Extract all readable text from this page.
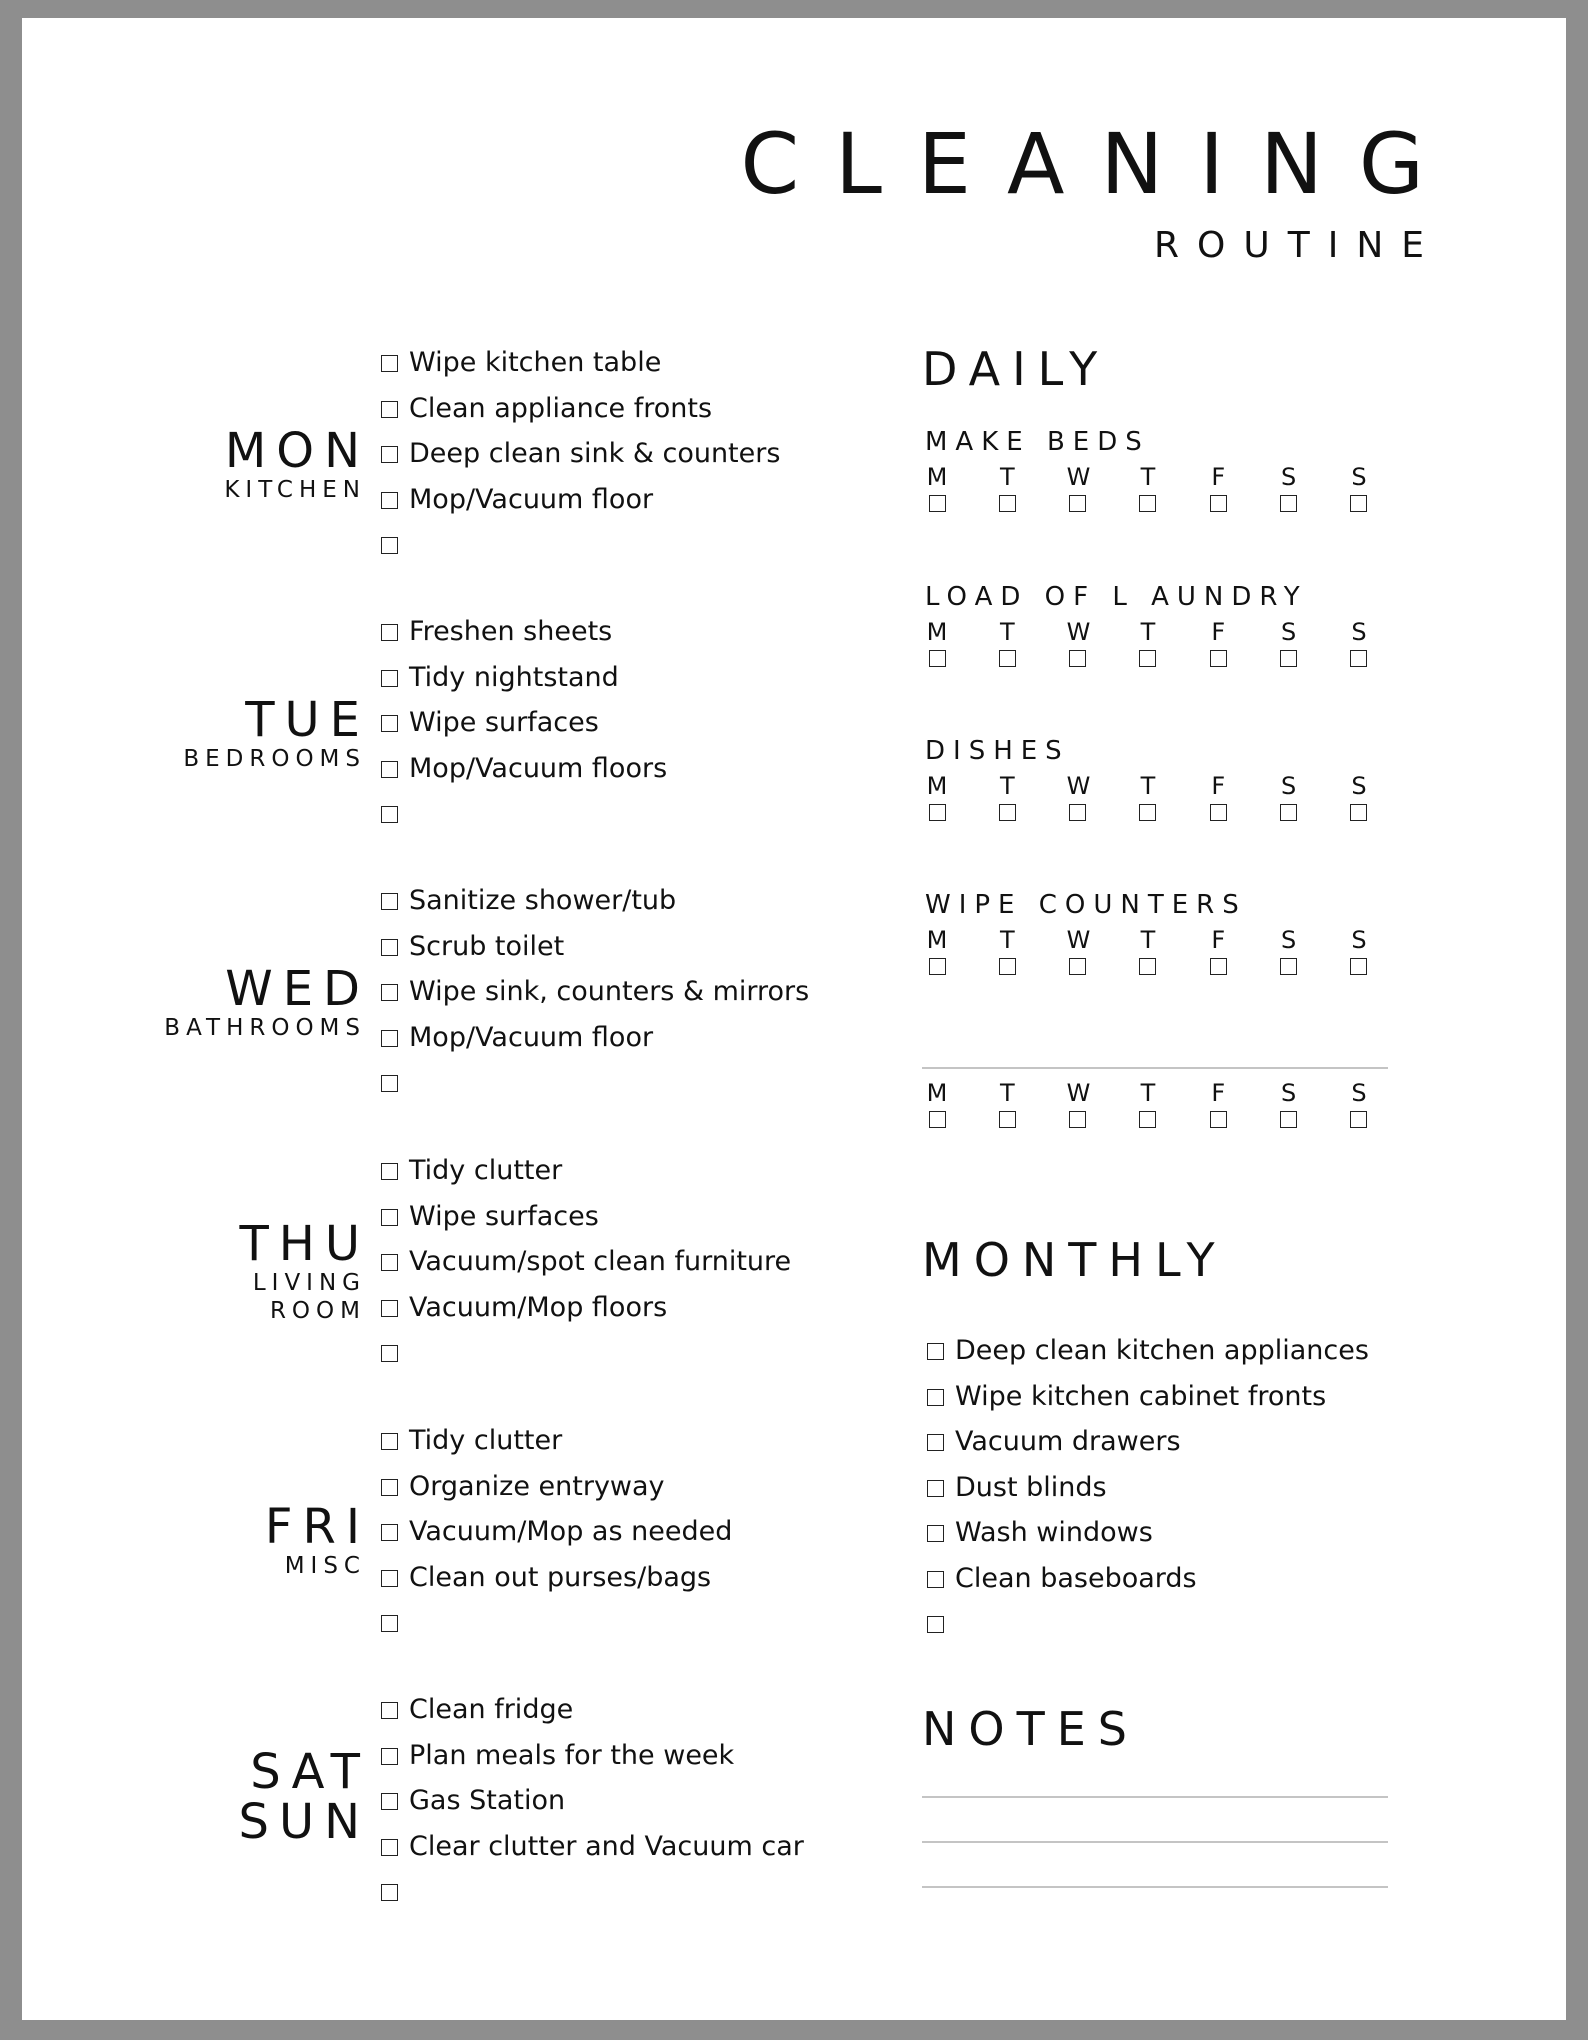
CLEANING
ROUTINE
MON
KITCHEN
Wipe kitchen table
Clean appliance fronts
Deep clean sink & counters
Mop/Vacuum floor
TUE
BEDROOMS
Freshen sheets
Tidy nightstand
Wipe surfaces
Mop/Vacuum floors
WED
BATHROOMS
Sanitize shower/tub
Scrub toilet
Wipe sink, counters & mirrors
Mop/Vacuum floor
THU
LIVING
ROOM
Tidy clutter
Wipe surfaces
Vacuum/spot clean furniture
Vacuum/Mop floors
FRI
MISC
Tidy clutter
Organize entryway
Vacuum/Mop as needed
Clean out purses/bags
SAT
SUN
Clean fridge
Plan meals for the week
Gas Station
Clear clutter and Vacuum car
DAILY
MAKE BEDS
M T W T F S S
LOAD OF L AUNDRY
M T W T F S S
DISHES
M T W T F S S
WIPE COUNTERS
M T W T F S S
M T W T F S S
MONTHLY
Deep clean kitchen appliances
Wipe kitchen cabinet fronts
Vacuum drawers
Dust blinds
Wash windows
Clean baseboards
NOTES
